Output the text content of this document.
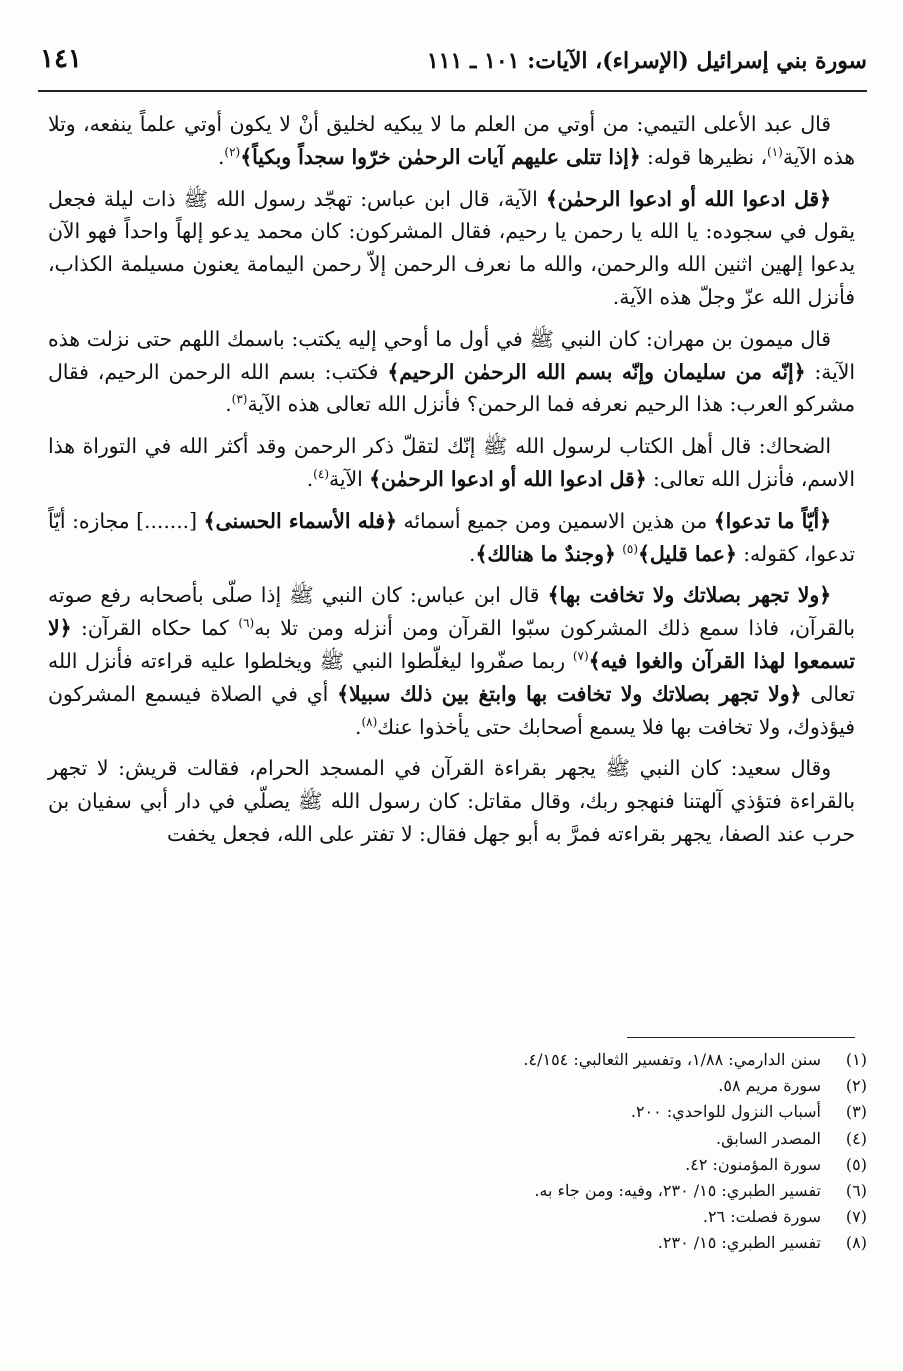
سورة بني إسرائيل (الإسراء)، الآيات: ١٠١ ـ ١١١
١٤١

قال عبد الأعلى التيمي: من أوتي من العلم ما لا يبكيه لخليق أنْ لا يكون أوتي علماً ينفعه، وتلا هذه الآية$^{(١)}$، نظيرها قوله: ﴿إذا تتلى عليهم آيات الرحمٰن خرّوا سجداً وبكياً﴾$^{(٢)}$.

﴿قل ادعوا الله أو ادعوا الرحمٰن﴾ الآية، قال ابن عباس: تهجّد رسول الله ﷺ ذات ليلة فجعل يقول في سجوده: يا الله يا رحمن يا رحيم، فقال المشركون: كان محمد يدعو إلهاً واحداً فهو الآن يدعوا إلهين اثنين الله والرحمن، والله ما نعرف الرحمن إلاّ رحمن اليمامة يعنون مسيلمة الكذاب، فأنزل الله عزّ وجلّ هذه الآية.

قال ميمون بن مهران: كان النبي ﷺ في أول ما أوحي إليه يكتب: باسمك اللهم حتى نزلت هذه الآية: ﴿إنّه من سليمان وإنّه بسم الله الرحمٰن الرحيم﴾ فكتب: بسم الله الرحمن الرحيم، فقال مشركو العرب: هذا الرحيم نعرفه فما الرحمن؟ فأنزل الله تعالى هذه الآية$^{(٣)}$.

الضحاك: قال أهل الكتاب لرسول الله ﷺ إنّك لتقلّ ذكر الرحمن وقد أكثر الله في التوراة هذا الاسم، فأنزل الله تعالى: ﴿قل ادعوا الله أو ادعوا الرحمٰن﴾ الآية$^{(٤)}$.

﴿أيّاً ما تدعوا﴾ من هذين الاسمين ومن جميع أسمائه ﴿فله الأسماء الحسنى﴾ [.......] مجازه: أيّاً تدعوا، كقوله: ﴿عما قليل﴾$^{(٥)}$ ﴿وجندٌ ما هنالك﴾.

﴿ولا تجهر بصلاتك ولا تخافت بها﴾ قال ابن عباس: كان النبي ﷺ إذا صلّى بأصحابه رفع صوته بالقرآن، فاذا سمع ذلك المشركون سبّوا القرآن ومن أنزله ومن تلا به$^{(٦)}$ كما حكاه القرآن: ﴿لا تسمعوا لهذا القرآن والغوا فيه﴾$^{(٧)}$ ربما صفّروا ليغلّطوا النبي ﷺ ويخلطوا عليه قراءته فأنزل الله تعالى ﴿ولا تجهر بصلاتك ولا تخافت بها وابتغ بين ذلك سبيلا﴾ أي في الصلاة فيسمع المشركون فيؤذوك، ولا تخافت بها فلا يسمع أصحابك حتى يأخذوا عنك$^{(٨)}$.

وقال سعيد: كان النبي ﷺ يجهر بقراءة القرآن في المسجد الحرام، فقالت قريش: لا تجهر بالقراءة فتؤذي آلهتنا فنهجو ربك، وقال مقاتل: كان رسول الله ﷺ يصلّي في دار أبي سفيان بن حرب عند الصفا، يجهر بقراءته فمرَّ به أبو جهل فقال: لا تفتر على الله، فجعل يخفت

(١)
سنن الدارمي: ١/٨٨، وتفسير الثعالبي: ٤/١٥٤.
(٢)
سورة مريم ٥٨.
(٣)
أسباب النزول للواحدي: ٢٠٠.
(٤)
المصدر السابق.
(٥)
سورة المؤمنون: ٤٢.
(٦)
تفسير الطبري: ١٥/ ٢٣٠، وفيه: ومن جاء به.
(٧)
سورة فصلت: ٢٦.
(٨)
تفسير الطبري: ١٥/ ٢٣٠.
